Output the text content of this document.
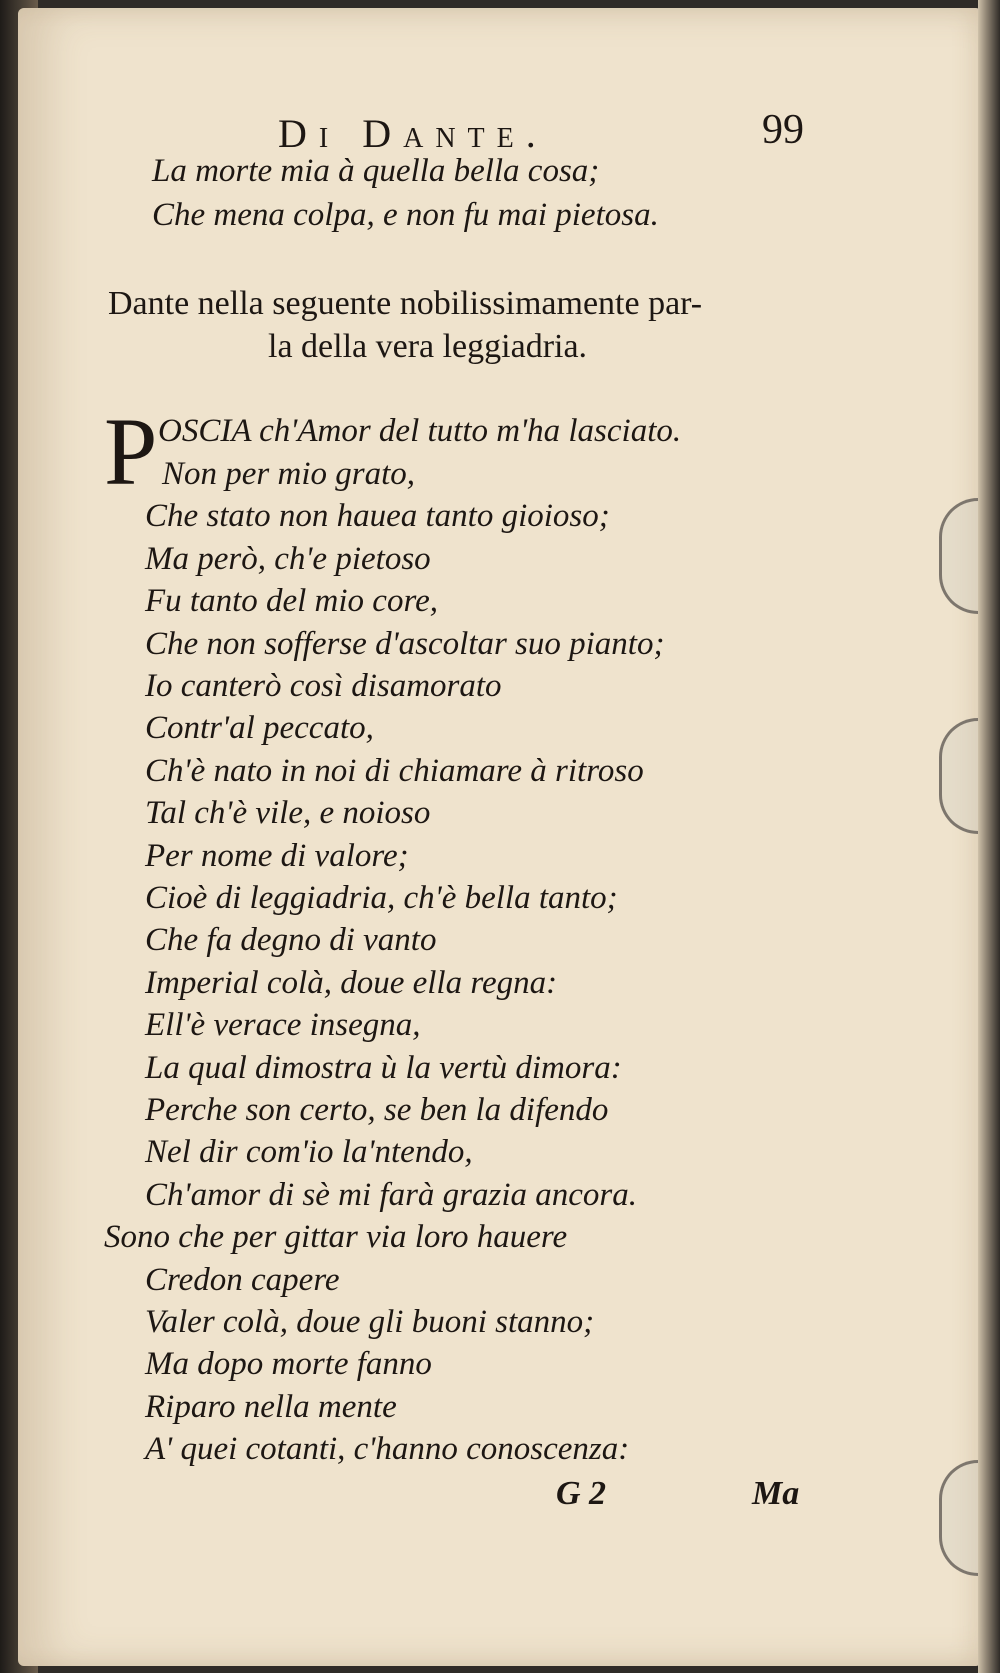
Di Dante.	99
La morte mia à quella bella cosa;
Che mena colpa, e non fu mai pietosa.
Dante nella seguente nobilissimamente par-
la della vera leggiadria.
P OSCIA ch'Amor del tutto m'ha lasciato.
Non per mio grato,
Che stato non hauea tanto gioioso;
Ma però, ch'e pietoso
Fu tanto del mio core,
Che non sofferse d'ascoltar suo pianto;
Io canterò così disamorato
Contr'al peccato,
Ch'è nato in noi di chiamare à ritroso
Tal ch'è vile, e noioso
Per nome di valore;
Cioè di leggiadria, ch'è bella tanto;
Che fa degno di vanto
Imperial colà, doue ella regna:
Ell'è verace insegna,
La qual dimostra ù la vertù dimora:
Perche son certo, se ben la difendo
Nel dir com'io la'ntendo,
Ch'amor di sè mi farà grazia ancora.
Sono che per gittar via loro hauere
Credon capere
Valer colà, doue gli buoni stanno;
Ma dopo morte fanno
Riparo nella mente
A' quei cotanti, c'hanno conoscenza:
G 2	Ma
